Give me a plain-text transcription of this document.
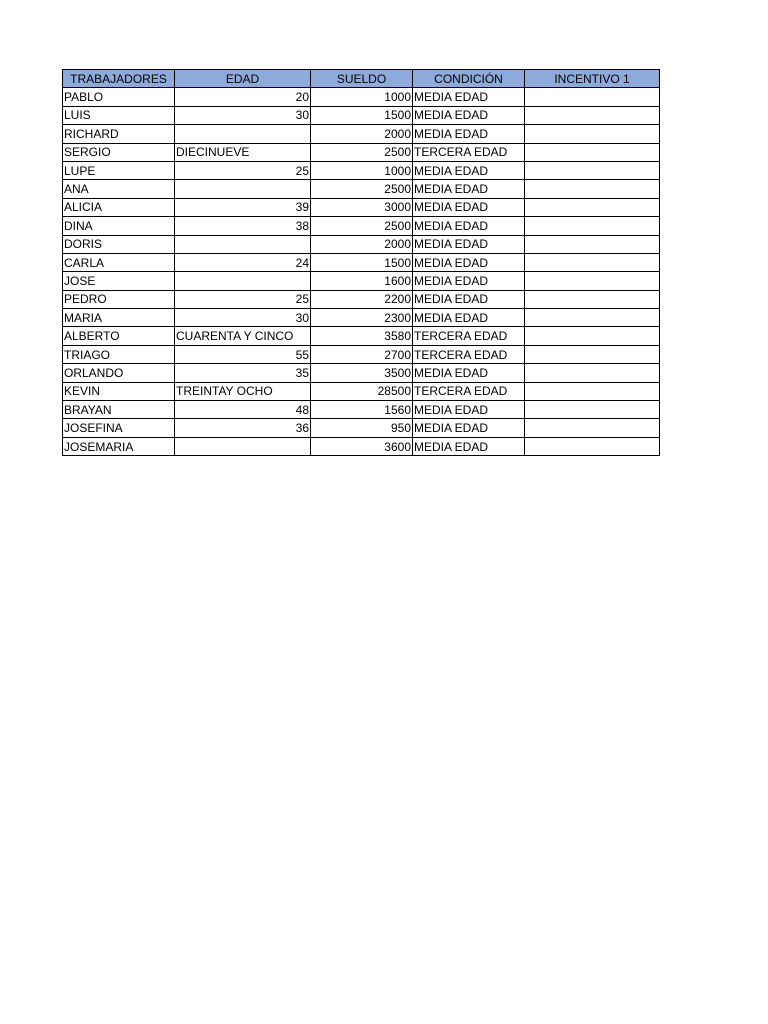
TRABAJADORES	EDAD	SUELDO	CONDICIÓN	INCENTIVO 1
PABLO	20	1000	MEDIA EDAD	
LUIS	30	1500	MEDIA EDAD	
RICHARD		2000	MEDIA EDAD	
SERGIO	DIECINUEVE	2500	TERCERA EDAD	
LUPE	25	1000	MEDIA EDAD	
ANA		2500	MEDIA EDAD	
ALICIA	39	3000	MEDIA EDAD	
DINA	38	2500	MEDIA EDAD	
DORIS		2000	MEDIA EDAD	
CARLA	24	1500	MEDIA EDAD	
JOSE		1600	MEDIA EDAD	
PEDRO	25	2200	MEDIA EDAD	
MARIA	30	2300	MEDIA EDAD	
ALBERTO	CUARENTA Y CINCO	3580	TERCERA EDAD	
TRIAGO	55	2700	TERCERA EDAD	
ORLANDO	35	3500	MEDIA EDAD	
KEVIN	TREINTAY OCHO	28500	TERCERA EDAD	
BRAYAN	48	1560	MEDIA EDAD	
JOSEFINA	36	950	MEDIA EDAD	
JOSEMARIA		3600	MEDIA EDAD	
